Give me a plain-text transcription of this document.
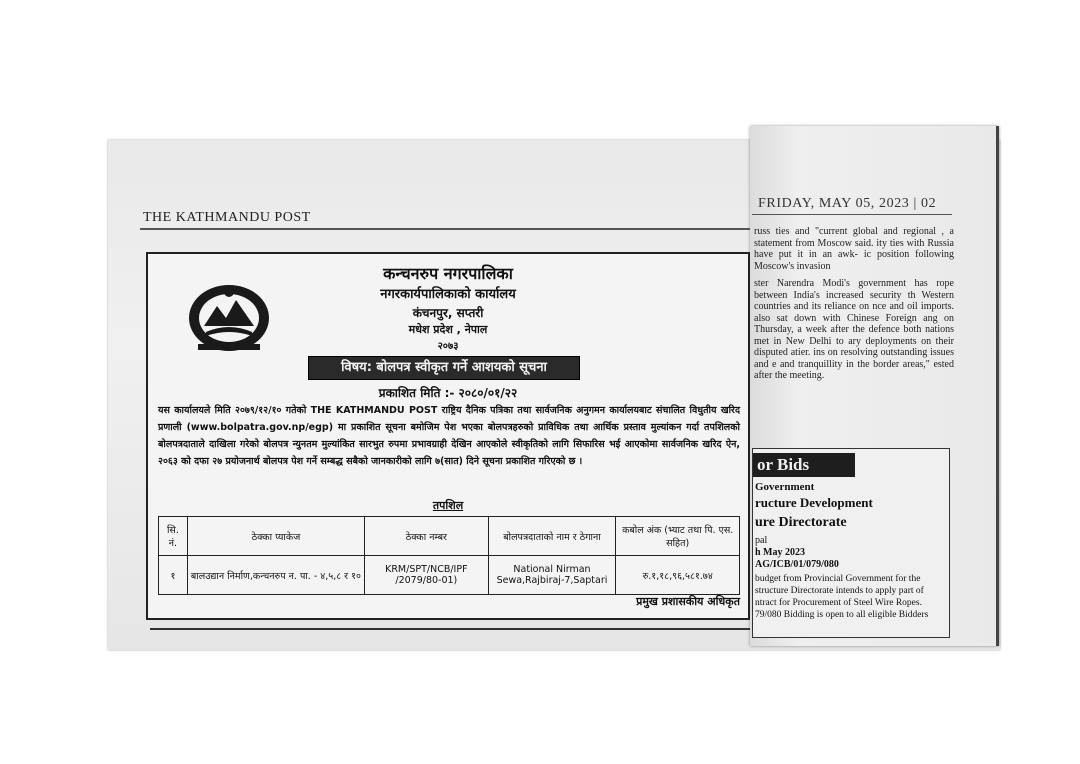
THE KATHMANDU POST
FRIDAY, MAY 05, 2023 | 02
कन्चनरुप नगरपालिका
नगरकार्यपालिकाको कार्यालय
कंचनपुर, सप्तरी
मधेश प्रदेश , नेपाल
२०७३
विषय: बोलपत्र स्वीकृत गर्ने आशयको सूचना
प्रकाशित मिति :- २०८०/०१/२२
यस कार्यालयले मिति २०७९/१२/१० गतेको THE KATHMANDU POST राष्ट्रिय दैनिक पत्रिका तथा सार्वजनिक अनुगमन कार्यालयबाट संचालित विधुतीय खरिद प्रणाली (www.bolpatra.gov.np/egp) मा प्रकाशित सूचना बमोजिम पेश भएका बोलपत्रहरुको प्राविधिक तथा आर्थिक प्रस्ताव मुल्यांकन गर्दा तपशिलको बोलपत्रदाताले दाखिला गरेको बोलपत्र न्युनतम मुल्यांकित सारभुत रुपमा प्रभावग्राही देखिन आएकोले स्वीकृतिको लागि सिफारिस भई आएकोमा सार्वजनिक खरिद ऐन, २०६३ को दफा २७ प्रयोजनार्थ बोलपत्र पेश गर्ने सम्बद्ध सबैको जानकारीको लागि ७(सात) दिने सूचना प्रकाशित गरिएको छ ।
तपशिल
सि. नं.	ठेक्का प्याकेज	ठेक्का नम्बर	बोलपत्रदाताको नाम र ठेगाना	कबोल अंक (भ्याट तथा पि. एस. सहित)
१	बालउद्यान निर्माण,कन्चनरुप न. पा. - ४,५,८ र १०	KRM/SPT/NCB/IPF /2079/80-01)	National Nirman Sewa,Rajbiraj-7,Saptari	रु.१,१८,९६,५८१.७४
प्रमुख प्रशासकीय अधिकृत

russ ties and "current global and regional , a statement from Moscow said. ity ties with Russia have put it in an awk- ic position following Moscow's invasion

ster Narendra Modi's government has rope between India's increased security th Western countries and its reliance on nce and oil imports. also sat down with Chinese Foreign ang on Thursday, a week after the defence both nations met in New Delhi to ary deployments on their disputed atier. ins on resolving outstanding issues and e and tranquillity in the border areas," ested after the meeting.

or Bids
Government
ructure Development
ure Directorate
pal
h May 2023
AG/ICB/01/079/080
budget from Provincial Government for the structure Directorate intends to apply part of ntract for Procurement of Steel Wire Ropes. 79/080 Bidding is open to all eligible Bidders
